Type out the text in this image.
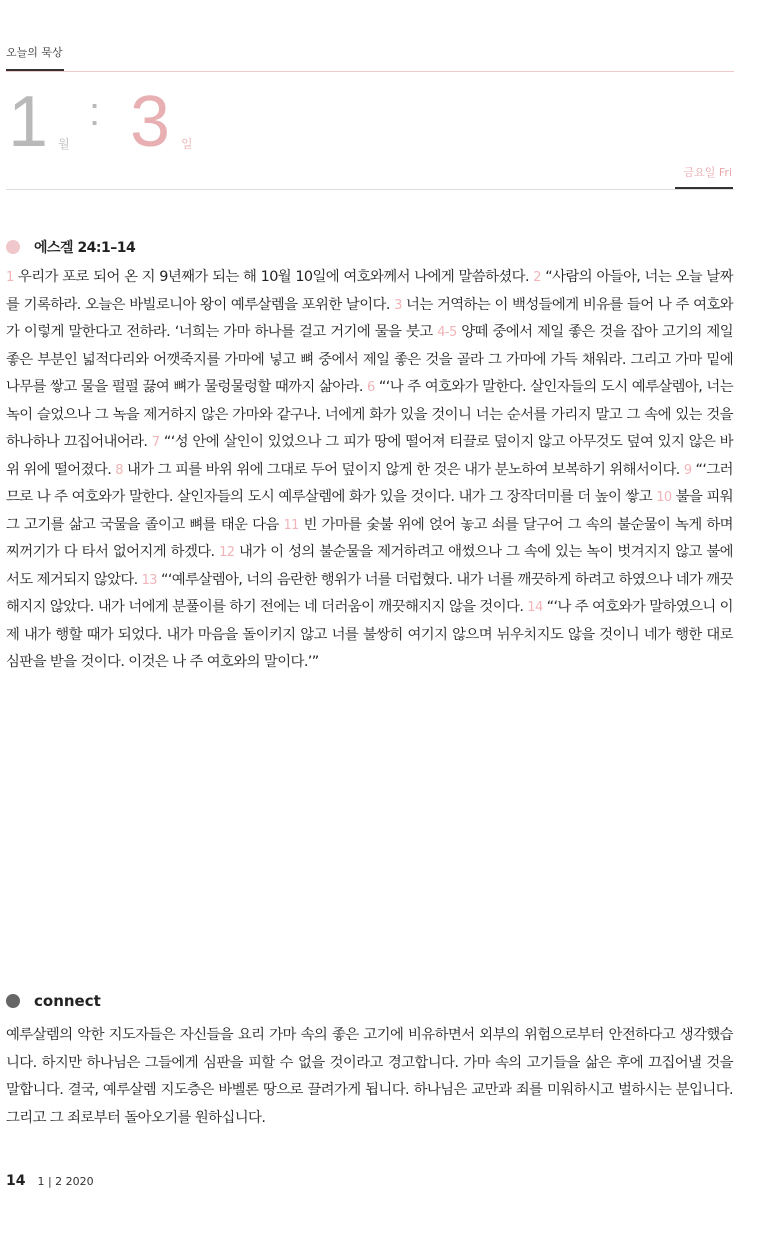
오늘의 묵상
1 월
: 3 일
금요일 Fri
에스겔 24:1–14

1 우리가 포로 되어 온 지 9년째가 되는 해 10월 10일에 여호와께서 나에게 말씀하셨다. 2 “사람의 아들아, 너는 오늘 날짜를 기록하라. 오늘은 바빌로니아 왕이 예루살렘을 포위한 날이다. 3 너는 거역하는 이 백성들에게 비유를 들어 나 주 여호와가 이렇게 말한다고 전하라. ‘너희는 가마 하나를 걸고 거기에 물을 붓고 4-5 양떼 중에서 제일 좋은 것을 잡아 고기의 제일 좋은 부분인 넓적다리와 어깻죽지를 가마에 넣고 뼈 중에서 제일 좋은 것을 골라 그 가마에 가득 채워라. 그리고 가마 밑에 나무를 쌓고 물을 펄펄 끓여 뼈가 물렁물렁할 때까지 삶아라. 6 “‘나 주 여호와가 말한다. 살인자들의 도시 예루살렘아, 너는 녹이 슬었으나 그 녹을 제거하지 않은 가마와 같구나. 너에게 화가 있을 것이니 너는 순서를 가리지 말고 그 속에 있는 것을 하나하나 끄집어내어라. 7 “‘성 안에 살인이 있었으나 그 피가 땅에 떨어져 티끌로 덮이지 않고 아무것도 덮여 있지 않은 바위 위에 떨어졌다. 8 내가 그 피를 바위 위에 그대로 두어 덮이지 않게 한 것은 내가 분노하여 보복하기 위해서이다. 9 “‘그러므로 나 주 여호와가 말한다. 살인자들의 도시 예루살렘에 화가 있을 것이다. 내가 그 장작더미를 더 높이 쌓고 10 불을 피워 그 고기를 삶고 국물을 졸이고 뼈를 태운 다음 11 빈 가마를 숯불 위에 얹어 놓고 쇠를 달구어 그 속의 불순물이 녹게 하며 찌꺼기가 다 타서 없어지게 하겠다. 12 내가 이 성의 불순물을 제거하려고 애썼으나 그 속에 있는 녹이 벗겨지지 않고 불에서도 제거되지 않았다. 13 “‘예루살렘아, 너의 음란한 행위가 너를 더럽혔다. 내가 너를 깨끗하게 하려고 하였으나 네가 깨끗해지지 않았다. 내가 너에게 분풀이를 하기 전에는 네 더러움이 깨끗해지지 않을 것이다. 14 “‘나 주 여호와가 말하였으니 이제 내가 행할 때가 되었다. 내가 마음을 돌이키지 않고 너를 불쌍히 여기지 않으며 뉘우치지도 않을 것이니 네가 행한 대로 심판을 받을 것이다. 이것은 나 주 여호와의 말이다.’”

connect

예루살렘의 악한 지도자들은 자신들을 요리 가마 속의 좋은 고기에 비유하면서 외부의 위험으로부터 안전하다고 생각했습니다. 하지만 하나님은 그들에게 심판을 피할 수 없을 것이라고 경고합니다. 가마 속의 고기들을 삶은 후에 끄집어낼 것을 말합니다. 결국, 예루살렘 지도층은 바벨론 땅으로 끌려가게 됩니다. 하나님은 교만과 죄를 미워하시고 벌하시는 분입니다. 그리고 그 죄로부터 돌아오기를 원하십니다.

14 1 | 2 2020
